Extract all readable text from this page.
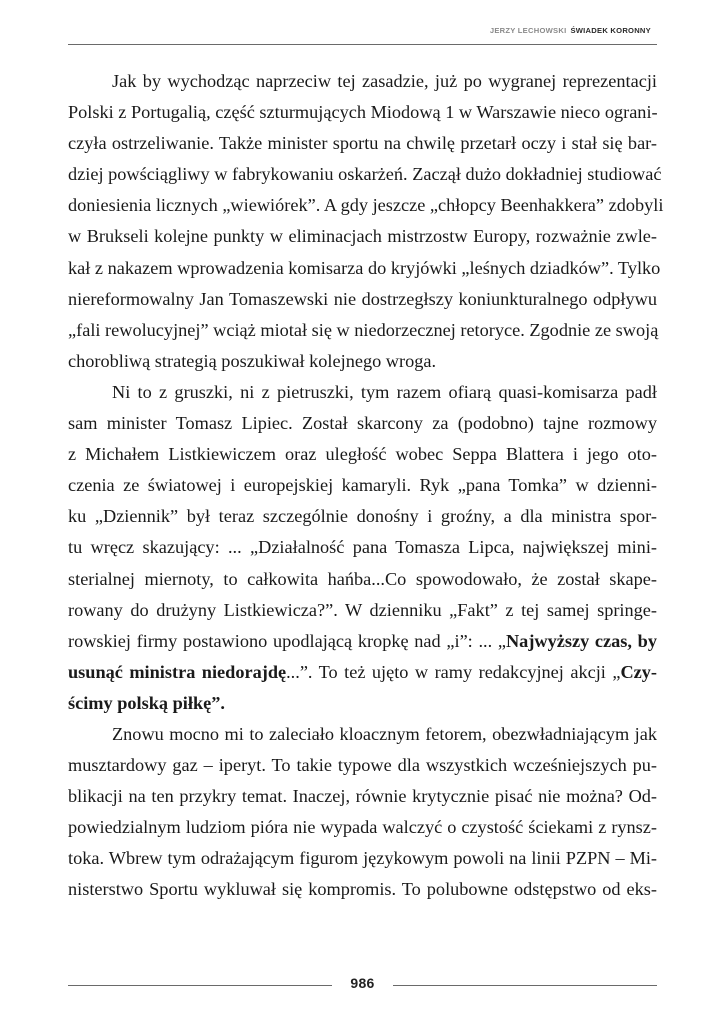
JERZY LECHOWSKI ŚWIADEK KORONNY
Jak by wychodząc naprzeciw tej zasadzie, już po wygranej reprezentacji
Polski z Portugalią, część szturmujących Miodową 1 w Warszawie nieco ograni-
czyła ostrzeliwanie. Także minister sportu na chwilę przetarł oczy i stał się bar-
dziej powściągliwy w fabrykowaniu oskarżeń. Zaczął dużo dokładniej studiować
doniesienia licznych „wiewiórek”. A gdy jeszcze „chłopcy Beenhakkera” zdobyli
w Brukseli kolejne punkty w eliminacjach mistrzostw Europy, rozważnie zwle-
kał z nakazem wprowadzenia komisarza do kryjówki „leśnych dziadków”. Tylko
niereformowalny Jan Tomaszewski nie dostrzegłszy koniunkturalnego odpływu
„fali rewolucyjnej” wciąż miotał się w niedorzecznej retoryce. Zgodnie ze swoją
chorobliwą strategią poszukiwał kolejnego wroga.
Ni to z gruszki, ni z pietruszki, tym razem ofiarą quasi-komisarza padł
sam minister Tomasz Lipiec. Został skarcony za (podobno) tajne rozmowy
z Michałem Listkiewiczem oraz uległość wobec Seppa Blattera i jego oto-
czenia ze światowej i europejskiej kamaryli. Ryk „pana Tomka” w dzienni-
ku „Dziennik” był teraz szczególnie donośny i groźny, a dla ministra spor-
tu wręcz skazujący: ... „Działalność pana Tomasza Lipca, największej mini-
sterialnej miernoty, to całkowita hańba...Co spowodowało, że został skape-
rowany do drużyny Listkiewicza?”. W dzienniku „Fakt” z tej samej springe-
rowskiej firmy postawiono upodlającą kropkę nad „i”: ... „Najwyższy czas, by
usunąć ministra niedorajdę...”. To też ujęto w ramy redakcyjnej akcji „Czy-
ścimy polską piłkę”.
Znowu mocno mi to zaleciało kloacznym fetorem, obezwładniającym jak
musztardowy gaz – iperyt. To takie typowe dla wszystkich wcześniejszych pu-
blikacji na ten przykry temat. Inaczej, równie krytycznie pisać nie można? Od-
powiedzialnym ludziom pióra nie wypada walczyć o czystość ściekami z rynsz-
toka. Wbrew tym odrażającym figurom językowym powoli na linii PZPN – Mi-
nisterstwo Sportu wykluwał się kompromis. To polubowne odstępstwo od eks-
986
